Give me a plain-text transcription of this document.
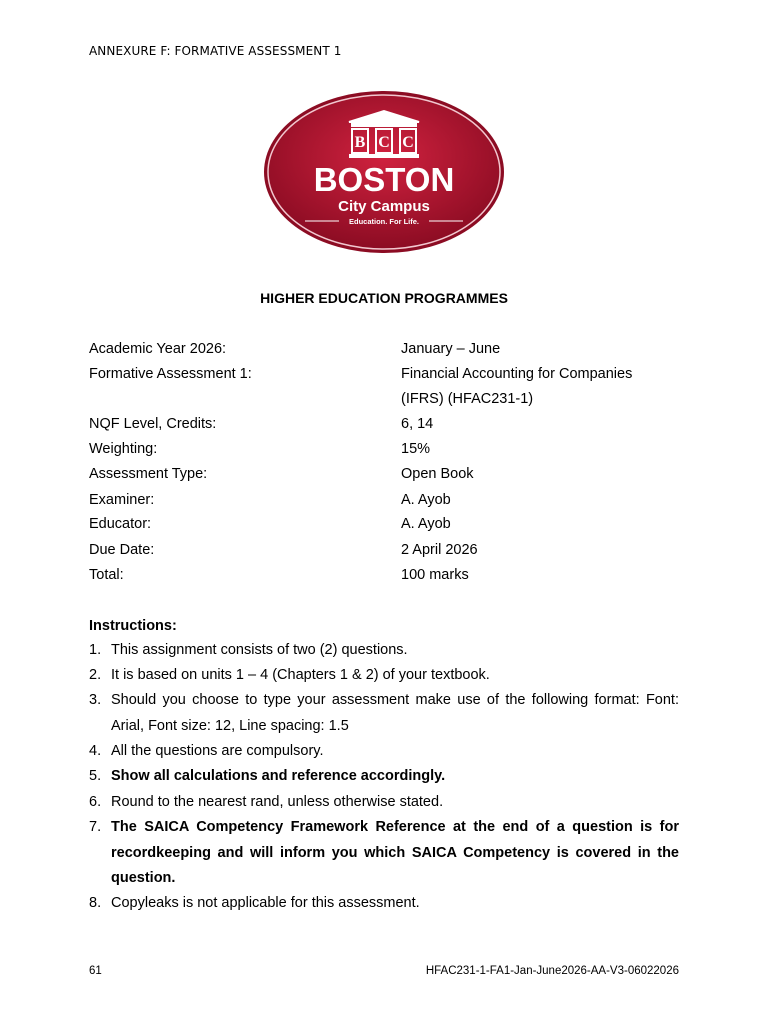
ANNEXURE F: FORMATIVE ASSESSMENT 1
B C C
BOSTON
City Campus
Education. For Life.
HIGHER EDUCATION PROGRAMMES
Academic Year 2026:	January – June
Formative Assessment 1:	Financial Accounting for Companies
(IFRS) (HFAC231-1)
NQF Level, Credits:	6, 14
Weighting:	15%
Assessment Type:	Open Book
Examiner:	A. Ayob
Educator:	A. Ayob
Due Date:	2 April 2026
Total:	100 marks
Instructions:
1. This assignment consists of two (2) questions.
2. It is based on units 1 – 4 (Chapters 1 & 2) of your textbook.
3. Should you choose to type your assessment make use of the following format: Font: Arial, Font size: 12, Line spacing: 1.5
4. All the questions are compulsory.
5. Show all calculations and reference accordingly.
6. Round to the nearest rand, unless otherwise stated.
7. The SAICA Competency Framework Reference at the end of a question is for recordkeeping and will inform you which SAICA Competency is covered in the question.
8. Copyleaks is not applicable for this assessment.
61	HFAC231-1-FA1-Jan-June2026-AA-V3-06022026
